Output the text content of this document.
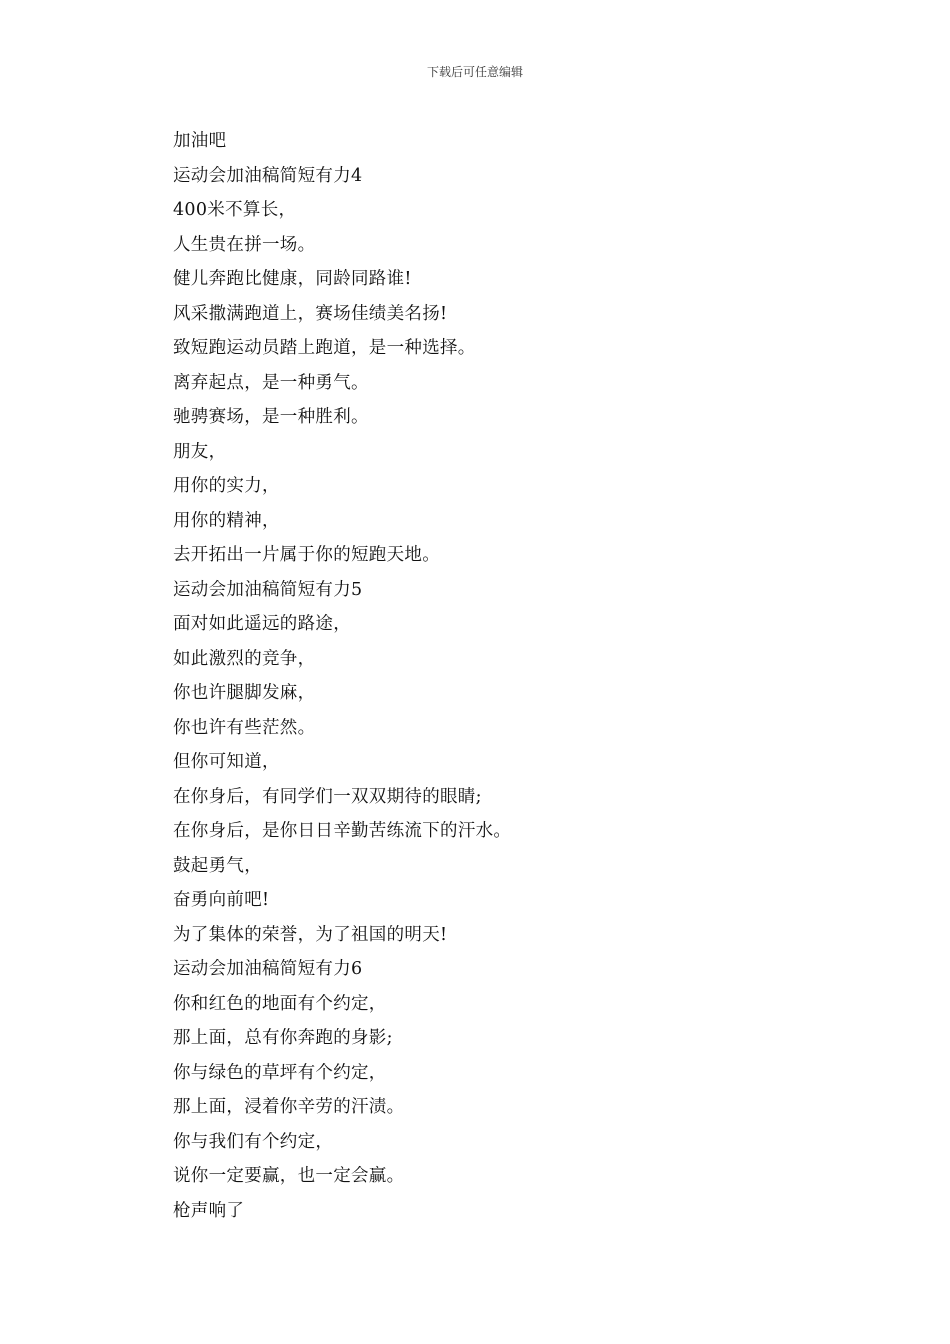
下载后可任意编辑
加油吧
运动会加油稿简短有力4
400米不算长，
人生贵在拼一场。
健儿奔跑比健康，同龄同路谁!
风采撒满跑道上，赛场佳绩美名扬!
致短跑运动员踏上跑道，是一种选择。
离弃起点，是一种勇气。
驰骋赛场，是一种胜利。
朋友，
用你的实力，
用你的精神，
去开拓出一片属于你的短跑天地。
运动会加油稿简短有力5
面对如此遥远的路途，
如此激烈的竞争，
你也许腿脚发麻，
你也许有些茫然。
但你可知道，
在你身后，有同学们一双双期待的眼睛;
在你身后，是你日日辛勤苦练流下的汗水。
鼓起勇气，
奋勇向前吧!
为了集体的荣誉，为了祖国的明天!
运动会加油稿简短有力6
你和红色的地面有个约定，
那上面，总有你奔跑的身影;
你与绿色的草坪有个约定，
那上面，浸着你辛劳的汗渍。
你与我们有个约定，
说你一定要赢，也一定会赢。
枪声响了
